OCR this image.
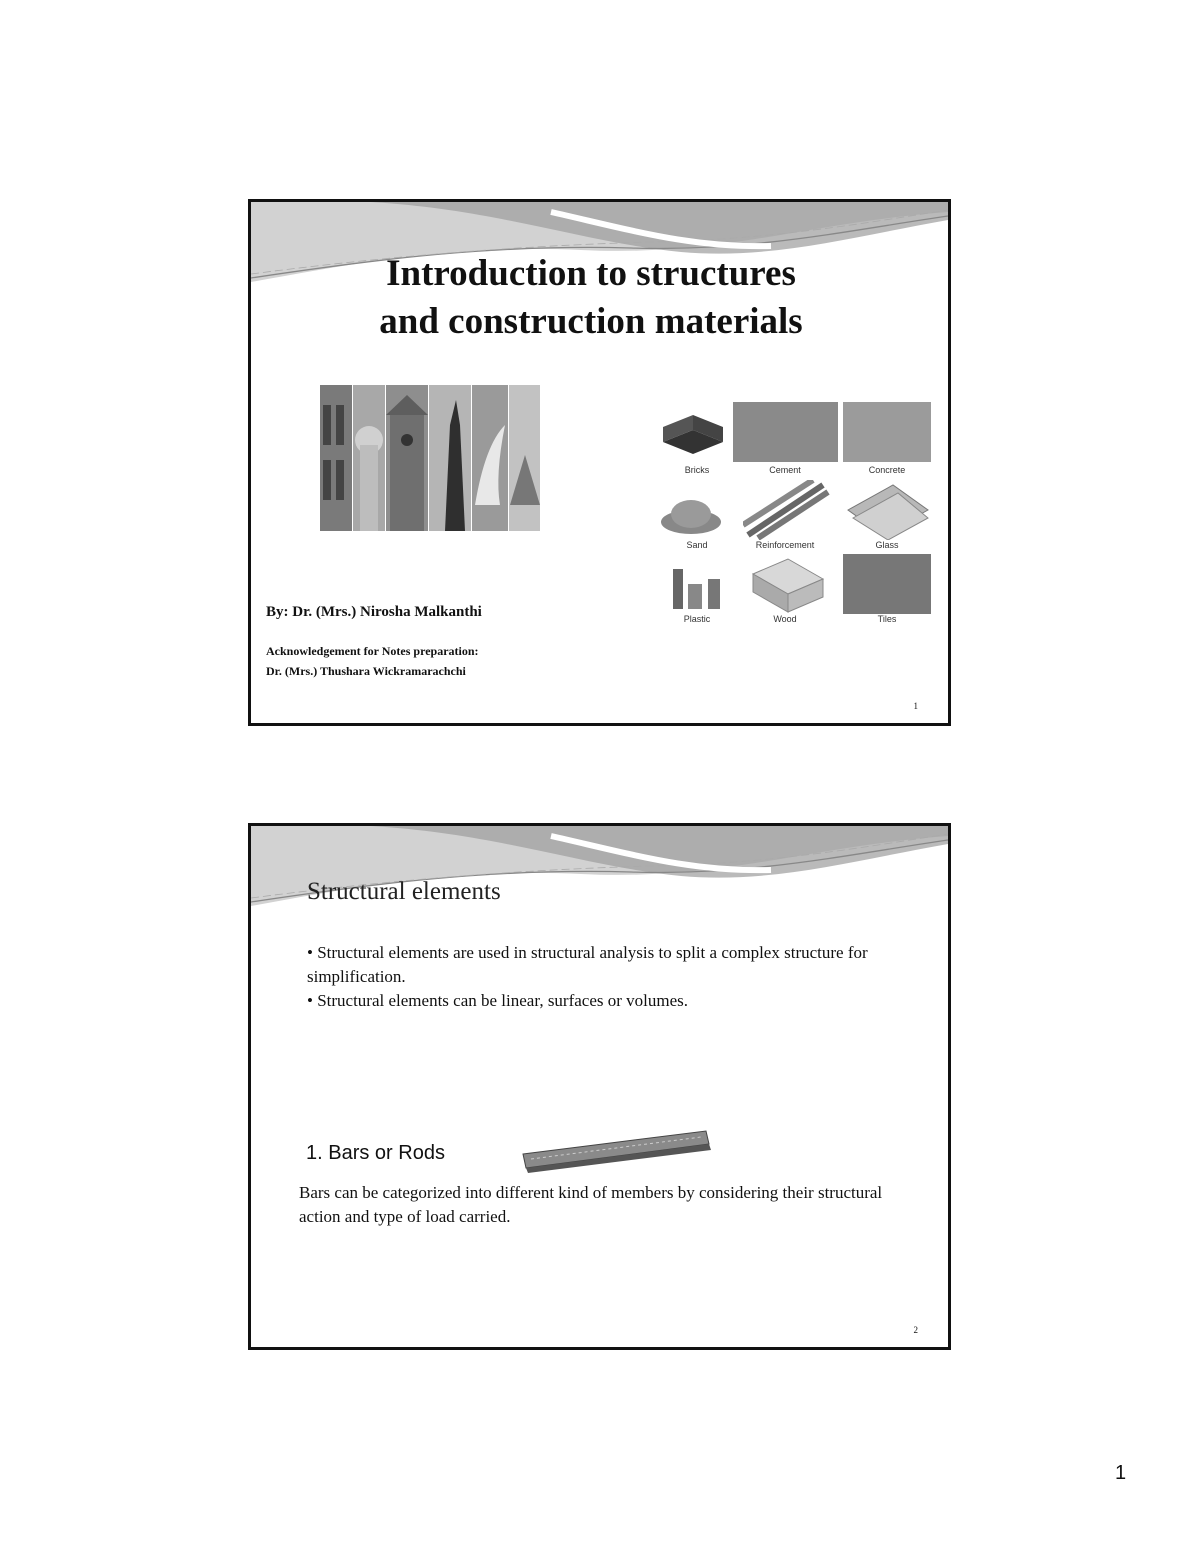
Introduction to structures
and construction materials
Bricks	Cement	Concrete
Sand	Reinforcement	Glass
Plastic	Wood	Tiles
By: Dr. (Mrs.) Nirosha Malkanthi
Acknowledgement for Notes preparation:
Dr. (Mrs.) Thushara Wickramarachchi
1
Structural elements

• Structural elements are used in structural analysis to split a complex structure for simplification.

• Structural elements can be linear, surfaces or volumes.

1. Bars or Rods
Bars can be categorized into different kind of members by considering their structural action and type of load carried.
2
1
